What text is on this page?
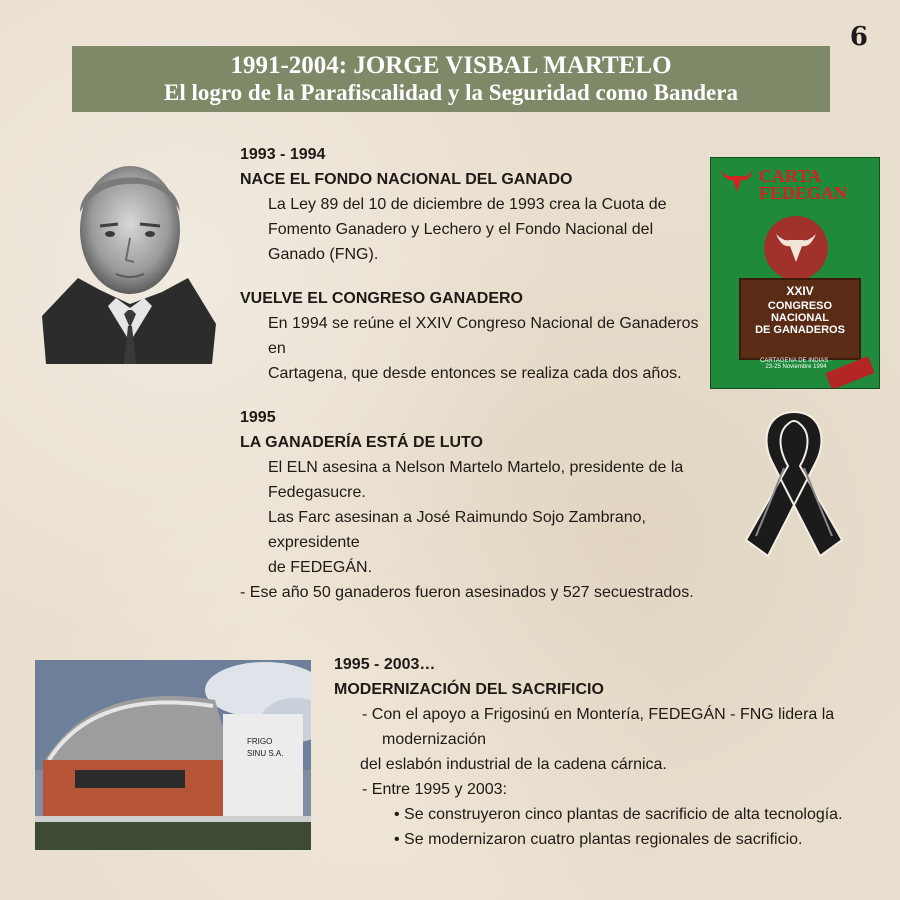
6
1991-2004: JORGE VISBAL MARTELO
El logro de la Parafiscalidad y la Seguridad como Bandera
1993 - 1994
NACE EL FONDO NACIONAL DEL GANADO
La Ley 89 del 10 de diciembre de 1993 crea la Cuota de
Fomento Ganadero y Lechero y el Fondo Nacional del
Ganado (FNG).
VUELVE EL CONGRESO GANADERO
En 1994 se reúne el XXIV Congreso Nacional de Ganaderos
en
Cartagena, que desde entonces se realiza cada dos años.
CARTA
FEDEGAN
XXIV
CONGRESO
NACIONAL
DE GANADEROS
CARTAGENA DE INDIAS · 23-25 Noviembre 1994
1995
LA GANADERÍA ESTÁ DE LUTO
El ELN asesina a Nelson Martelo Martelo, presidente de la
Fedegasucre.
Las Farc asesinan a José Raimundo Sojo Zambrano,
expresidente
de FEDEGÁN.
- Ese año 50 ganaderos fueron asesinados y 527 secuestrados.
FRIGO
SINU S.A.
1995 - 2003…
MODERNIZACIÓN DEL SACRIFICIO
- Con el apoyo a Frigosinú en Montería, FEDEGÁN - FNG lidera la
modernización
del eslabón industrial de la cadena cárnica.
- Entre 1995 y 2003:
• Se construyeron cinco plantas de sacrificio de alta tecnología.
• Se modernizaron cuatro plantas regionales de sacrificio.
